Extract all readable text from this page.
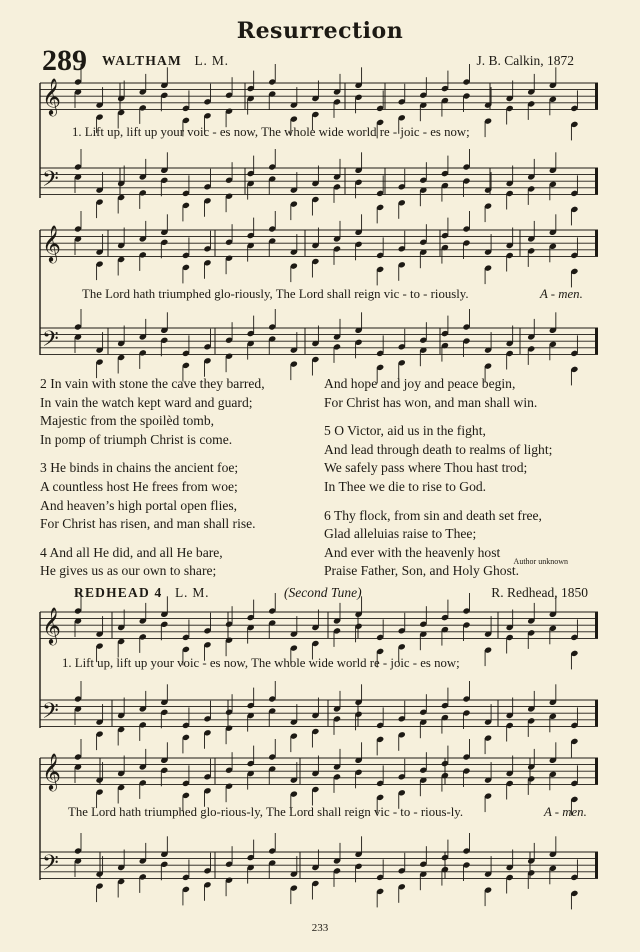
Resurrection
289 WALTHAM L. M.	J. B. Calkin, 1872
𝄞
𝄢
𝄞
𝄢
𝄞
𝄢
𝄞
𝄢
1. Lift up, lift up your voic - es now, The whole wide world re - joic - es now;
The Lord hath triumphed glo-riously, The Lord shall reign vic - to - riously.	A - men.
2 In vain with stone the cave they barred,
In vain the watch kept ward and guard;
Majestic from the spoilèd tomb,
In pomp of triumph Christ is come.
3 He binds in chains the ancient foe;
A countless host He frees from woe;
And heaven’s high portal open flies,
For Christ has risen, and man shall rise.
4 And all He did, and all He bare,
He gives us as our own to share;
And hope and joy and peace begin,
For Christ has won, and man shall win.
5 O Victor, aid us in the fight,
And lead through death to realms of light;
We safely pass where Thou hast trod;
In Thee we die to rise to God.
6 Thy flock, from sin and death set free,
Glad alleluias raise to Thee;
And ever with the heavenly host
Praise Father, Son, and Holy Ghost.
Author unknown
REDHEAD 4 L. M.	(Second Tune)	R. Redhead, 1850
1. Lift up, lift up your voic - es now, The whole wide world re - joic - es now;
The Lord hath triumphed glo-rious-ly, The Lord shall reign vic - to - rious-ly.	A - men.
233
